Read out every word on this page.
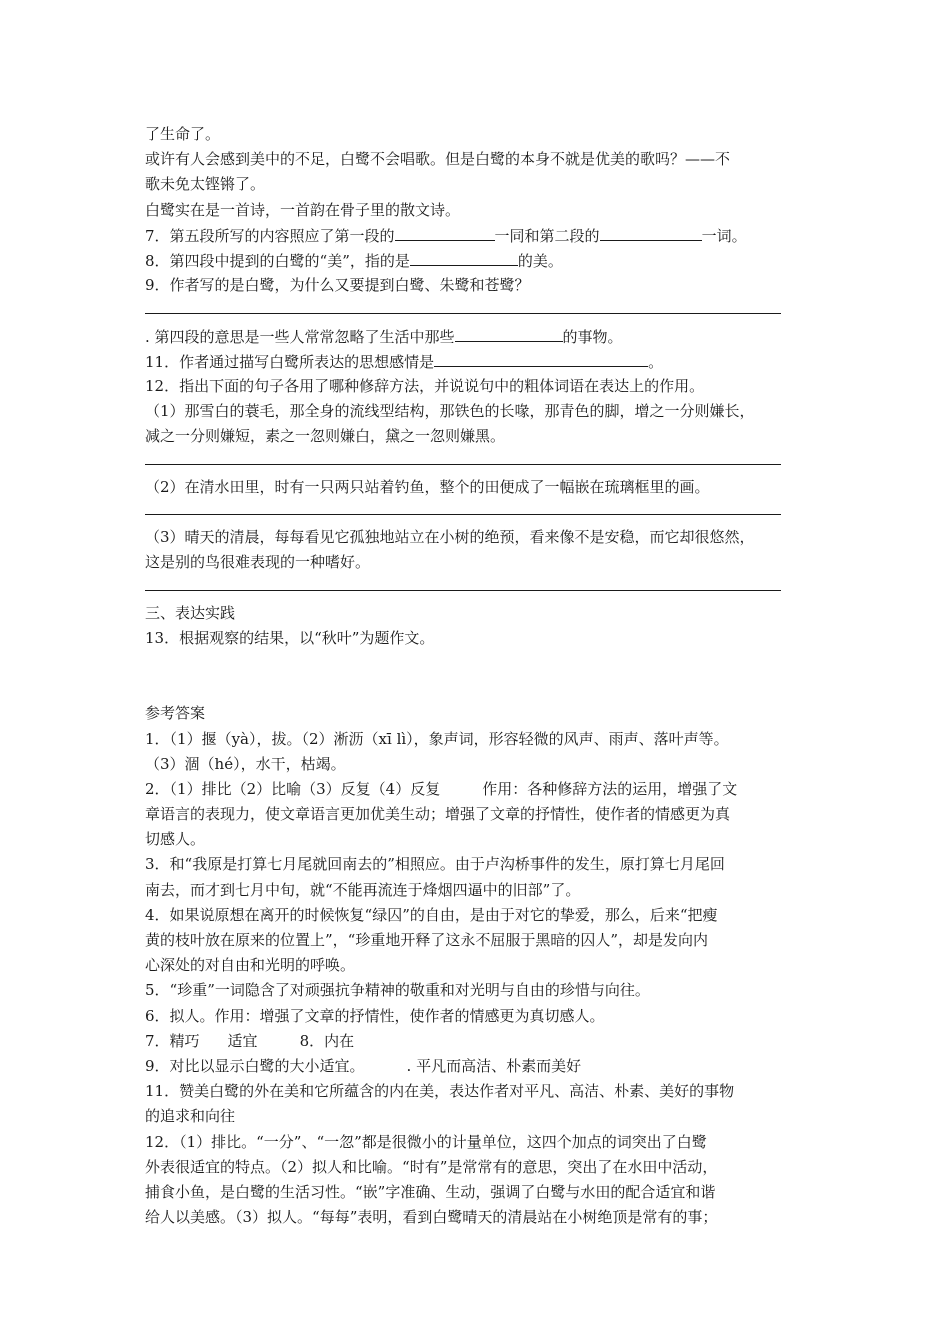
了生命了。
或许有人会感到美中的不足，白鹭不会唱歌。但是白鹭的本身不就是优美的歌吗？——不
歌未免太铿锵了。
白鹭实在是一首诗，一首韵在骨子里的散文诗。
7．第五段所写的内容照应了第一段的	一同和第二段的	一词。
8．第四段中提到的白鹭的“美”，指的是	的美。
9．作者写的是白鹭，为什么又要提到白鹭、朱鹭和苍鹭？
. 第四段的意思是一些人常常忽略了生活中那些	的事物。
11．作者通过描写白鹭所表达的思想感情是	。
12．指出下面的句子各用了哪种修辞方法，并说说句中的粗体词语在表达上的作用。
（1）那雪白的蓑毛，那全身的流线型结构，那铁色的长喙，那青色的脚，增之一分则嫌长，
减之一分则嫌短，素之一忽则嫌白，黛之一忽则嫌黑。
（2）在清水田里，时有一只两只站着钓鱼，整个的田便成了一幅嵌在琉璃框里的画。
（3）晴天的清晨，每每看见它孤独地站立在小树的绝预，看来像不是安稳，而它却很悠然，
这是别的鸟很难表现的一种嗜好。
三、表达实践
13．根据观察的结果，以“秋叶”为题作文。
参考答案
1．（1）揠（yà），拔。（2）淅沥（xī lì），象声词，形容轻微的风声、雨声、落叶声等。
（3）涸（hé），水干，枯竭。
2．（1）排比（2）比喻（3）反复（4）反复	作用：各种修辞方法的运用，增强了文
章语言的表现力，使文章语言更加优美生动；增强了文章的抒情性，使作者的情感更为真
切感人。
3．和“我原是打算七月尾就回南去的”相照应。由于卢沟桥事件的发生，原打算七月尾回
南去，而才到七月中旬，就“不能再流连于烽烟四逼中的旧部”了。
4．如果说原想在离开的时候恢复“绿囚”的自由，是由于对它的挚爱，那么，后来“把瘦
黄的枝叶放在原来的位置上”，“珍重地开释了这永不屈服于黑暗的囚人”，却是发向内
心深处的对自由和光明的呼唤。
5．“珍重”一词隐含了对顽强抗争精神的敬重和对光明与自由的珍惜与向往。
6．拟人。作用：增强了文章的抒情性，使作者的情感更为真切感人。
7．精巧 适宜	8．内在
9．对比以显示白鹭的大小适宜。	. 平凡而高洁、朴素而美好
11．赞美白鹭的外在美和它所蕴含的内在美，表达作者对平凡、高洁、朴素、美好的事物
的追求和向往
12．（1）排比。“一分”、“一忽”都是很微小的计量单位，这四个加点的词突出了白鹭
外表很适宜的特点。（2）拟人和比喻。“时有”是常常有的意思，突出了在水田中活动，
捕食小鱼，是白鹭的生活习性。“嵌”字准确、生动，强调了白鹭与水田的配合适宜和谐
给人以美感。（3）拟人。“每每”表明，看到白鹭晴天的清晨站在小树绝顶是常有的事；
